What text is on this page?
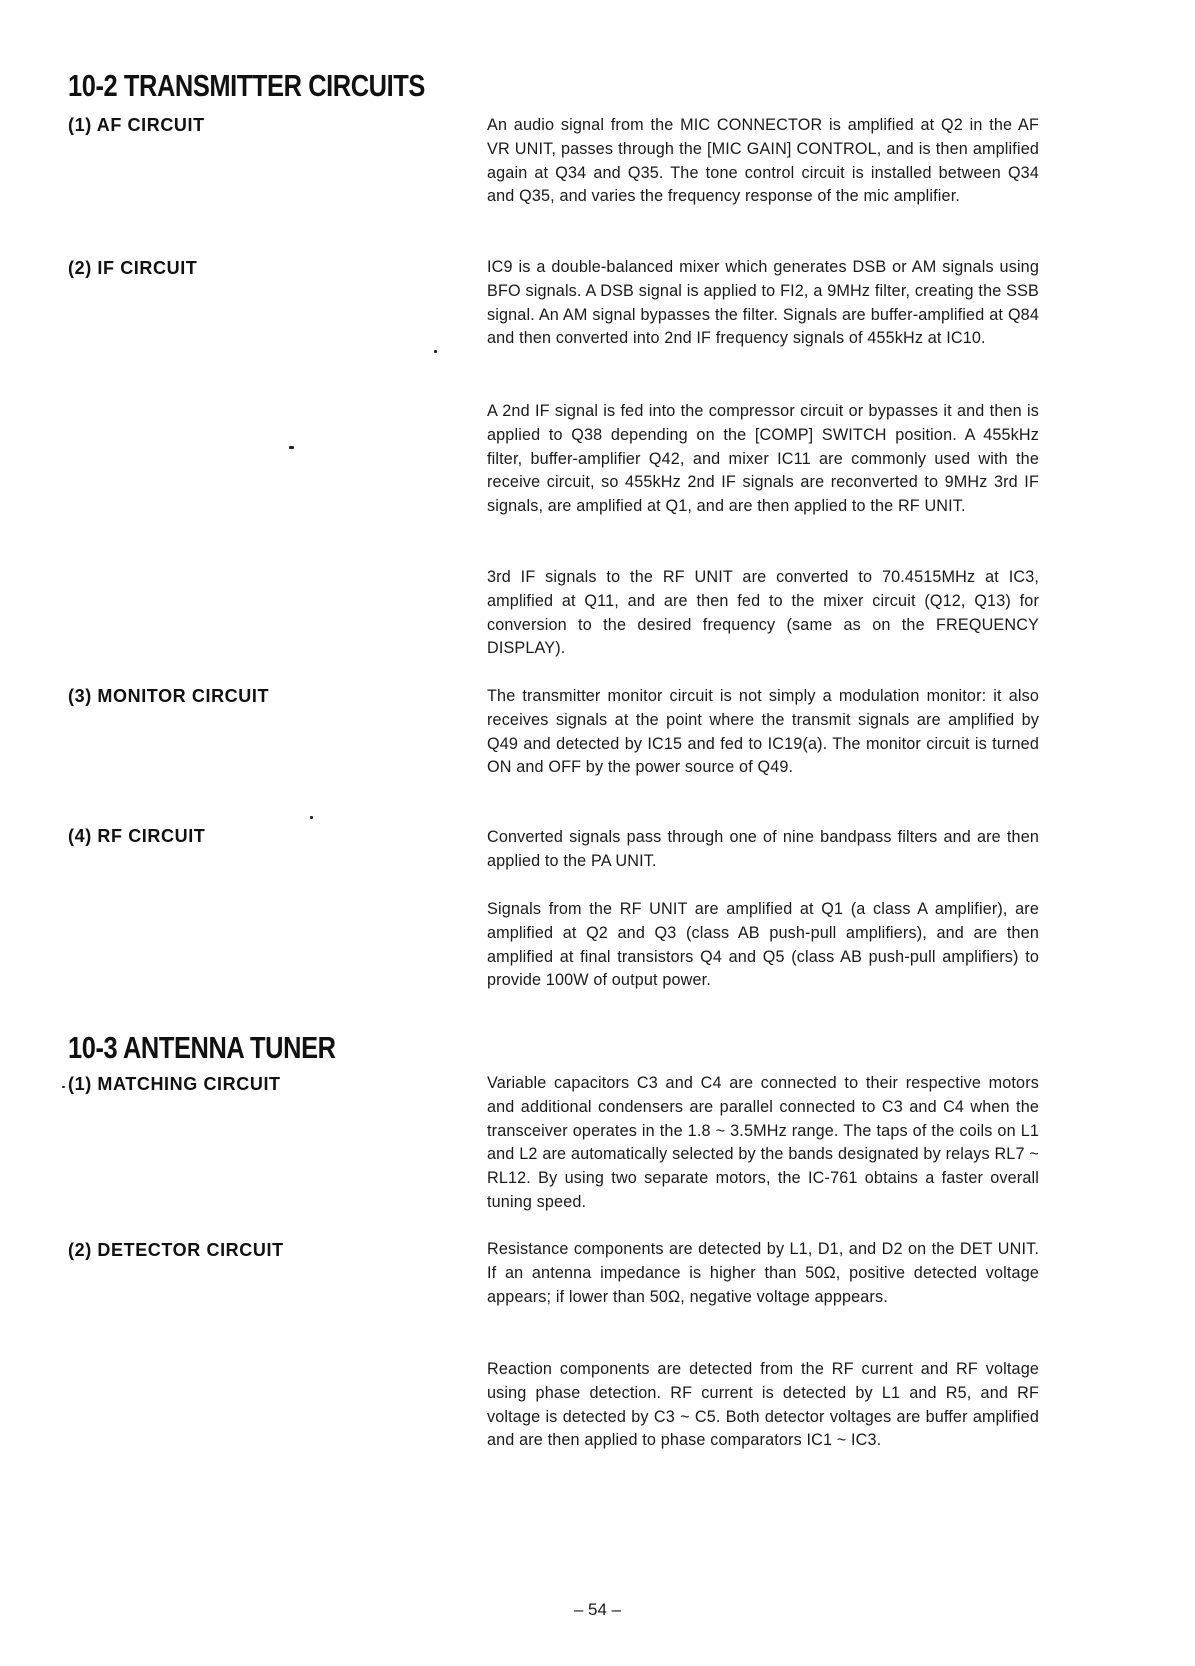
10-2 TRANSMITTER CIRCUITS
(1) AF CIRCUIT	An audio signal from the MIC CONNECTOR is amplified at Q2 in the AF VR UNIT, passes through the [MIC GAIN] CONTROL, and is then amplified again at Q34 and Q35. The tone control circuit is installed between Q34 and Q35, and varies the frequency response of the mic amplifier.

(2) IF CIRCUIT	IC9 is a double-balanced mixer which generates DSB or AM signals using BFO signals. A DSB signal is applied to FI2, a 9MHz filter, creating the SSB signal. An AM signal bypasses the filter. Signals are buffer-amplified at Q84 and then converted into 2nd IF frequency signals of 455kHz at IC10.

A 2nd IF signal is fed into the compressor circuit or bypasses it and then is applied to Q38 depending on the [COMP] SWITCH position. A 455kHz filter, buffer-amplifier Q42, and mixer IC11 are commonly used with the receive circuit, so 455kHz 2nd IF signals are reconverted to 9MHz 3rd IF signals, are amplified at Q1, and are then applied to the RF UNIT.

3rd IF signals to the RF UNIT are converted to 70.4515MHz at IC3, amplified at Q11, and are then fed to the mixer circuit (Q12, Q13) for conversion to the desired frequency (same as on the FREQUENCY DISPLAY).

(3) MONITOR CIRCUIT	The transmitter monitor circuit is not simply a modulation monitor: it also receives signals at the point where the transmit signals are amplified by Q49 and detected by IC15 and fed to IC19(a). The monitor circuit is turned ON and OFF by the power source of Q49.

(4) RF CIRCUIT	Converted signals pass through one of nine bandpass filters and are then applied to the PA UNIT.

Signals from the RF UNIT are amplified at Q1 (a class A amplifier), are amplified at Q2 and Q3 (class AB push-pull amplifiers), and are then amplified at final transistors Q4 and Q5 (class AB push-pull amplifiers) to provide 100W of output power.

10-3 ANTENNA TUNER
(1) MATCHING CIRCUIT	Variable capacitors C3 and C4 are connected to their respective motors and additional condensers are parallel connected to C3 and C4 when the transceiver operates in the 1.8 ~ 3.5MHz range. The taps of the coils on L1 and L2 are automatically selected by the bands designated by relays RL7 ~ RL12. By using two separate motors, the IC-761 obtains a faster overall tuning speed.

(2) DETECTOR CIRCUIT	Resistance components are detected by L1, D1, and D2 on the DET UNIT. If an antenna impedance is higher than 50Ω, positive detected voltage appears; if lower than 50Ω, negative voltage apppears.

Reaction components are detected from the RF current and RF voltage using phase detection. RF current is detected by L1 and R5, and RF voltage is detected by C3 ~ C5. Both detector voltages are buffer amplified and are then applied to phase comparators IC1 ~ IC3.

– 54 –
